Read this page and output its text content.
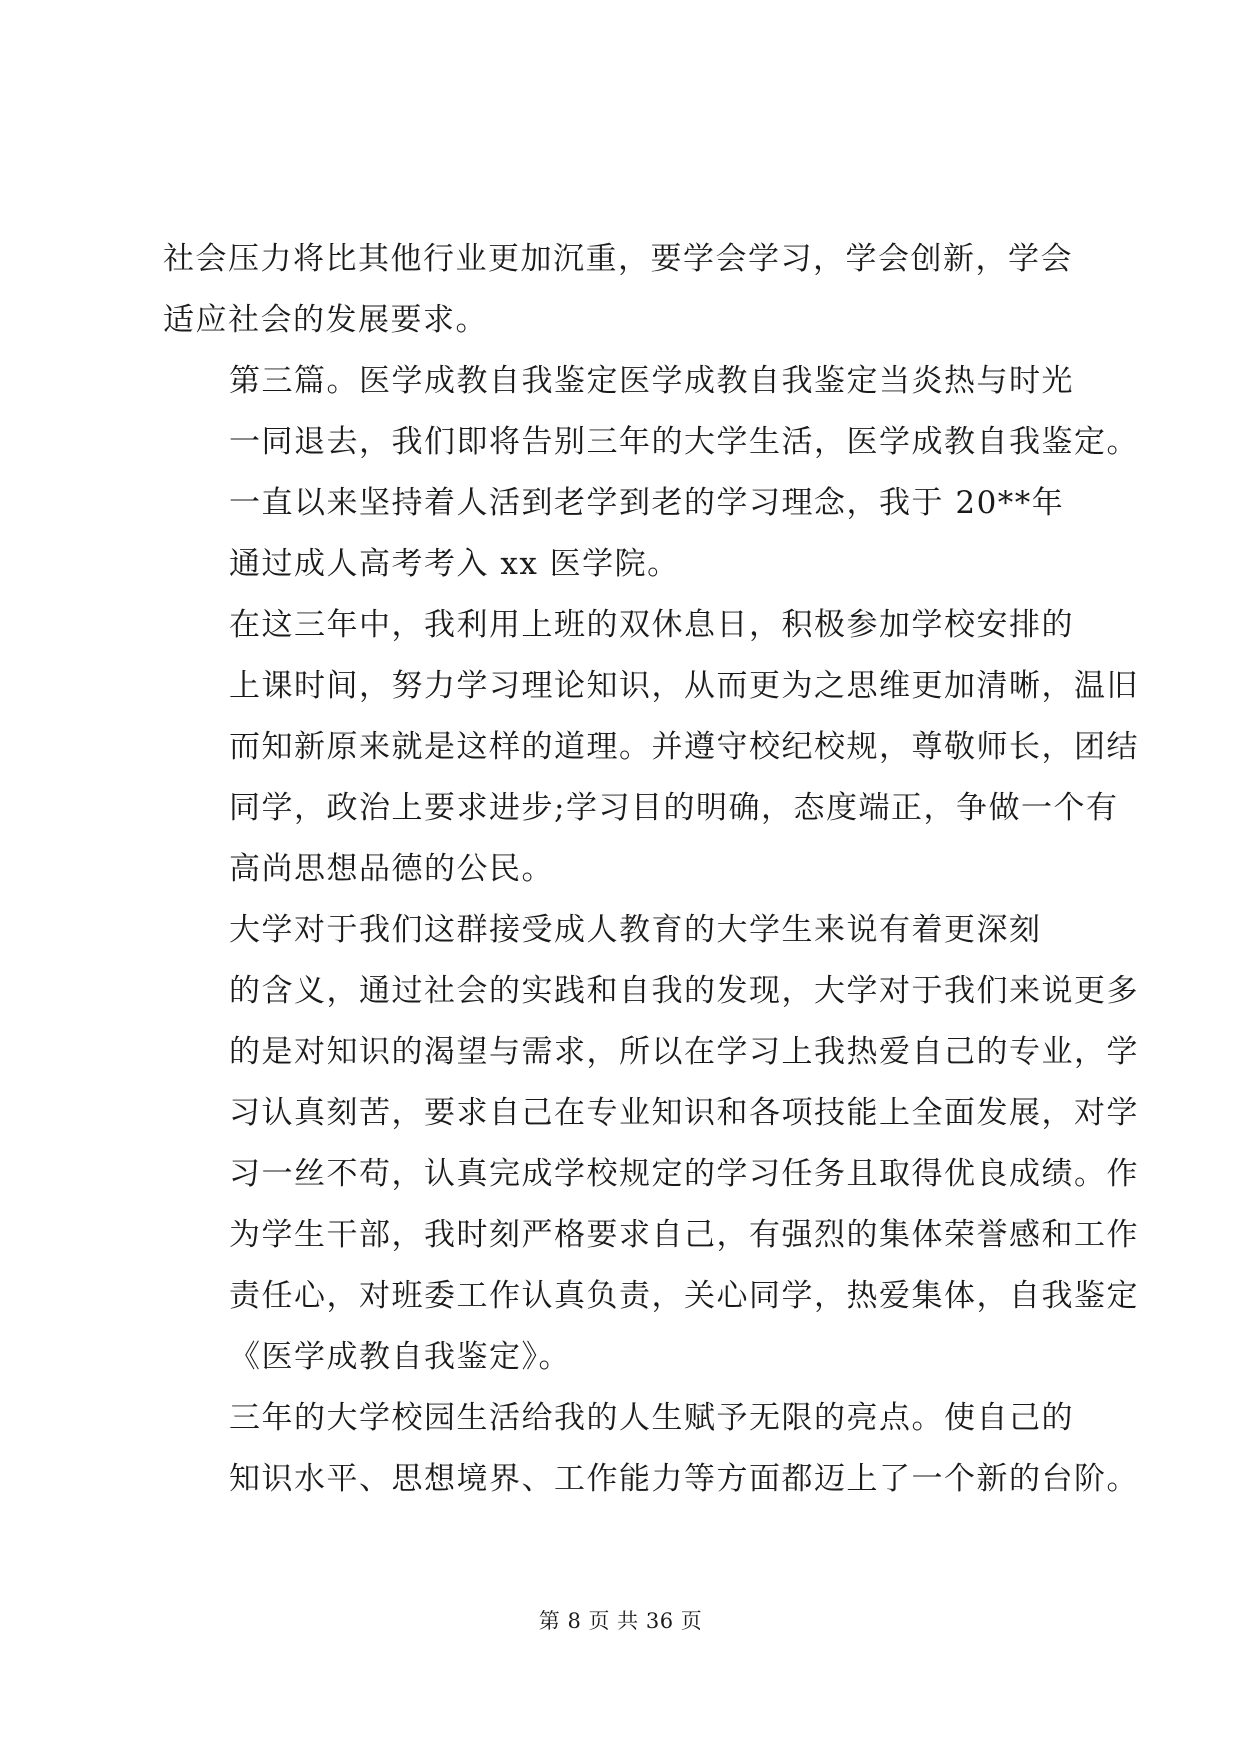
社会压力将比其他行业更加沉重，要学会学习，学会创新，学会
适应社会的发展要求。

第三篇。医学成教自我鉴定医学成教自我鉴定当炎热与时光
一同退去，我们即将告别三年的大学生活，医学成教自我鉴定。

一直以来坚持着人活到老学到老的学习理念，我于 20**年
通过成人高考考入 xx 医学院。

在这三年中，我利用上班的双休息日，积极参加学校安排的
上课时间，努力学习理论知识，从而更为之思维更加清晰，温旧
而知新原来就是这样的道理。并遵守校纪校规，尊敬师长，团结
同学，政治上要求进步;学习目的明确，态度端正，争做一个有
高尚思想品德的公民。

大学对于我们这群接受成人教育的大学生来说有着更深刻
的含义，通过社会的实践和自我的发现，大学对于我们来说更多
的是对知识的渴望与需求，所以在学习上我热爱自己的专业，学
习认真刻苦，要求自己在专业知识和各项技能上全面发展，对学
习一丝不苟，认真完成学校规定的学习任务且取得优良成绩。作
为学生干部，我时刻严格要求自己，有强烈的集体荣誉感和工作
责任心，对班委工作认真负责，关心同学，热爱集体，自我鉴定
《医学成教自我鉴定》。

三年的大学校园生活给我的人生赋予无限的亮点。使自己的
知识水平、思想境界、工作能力等方面都迈上了一个新的台阶。

第 8 页 共 36 页
